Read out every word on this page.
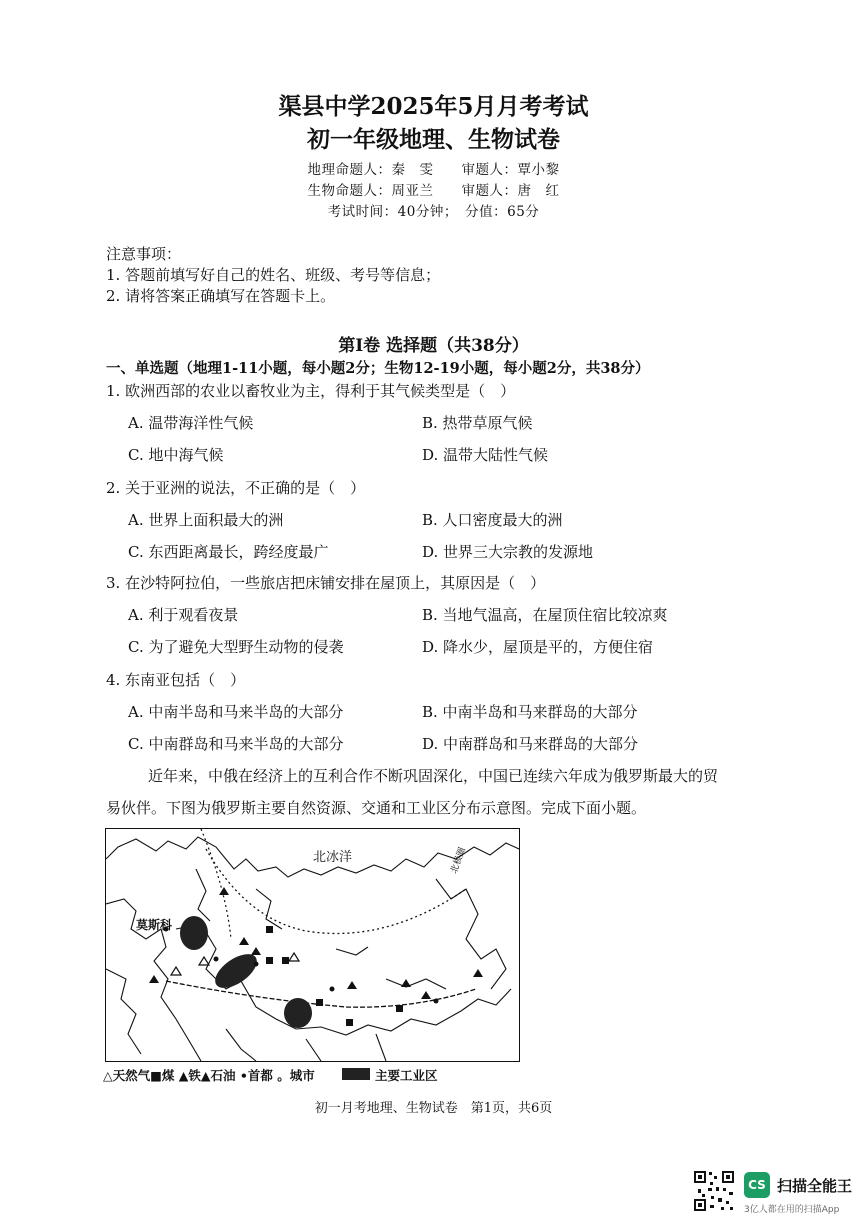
渠县中学2025年5月月考考试
初一年级地理、生物试卷
地理命题人：秦　雯　　审题人：覃小黎
生物命题人：周亚兰　　审题人：唐　红
考试时间：40分钟；　分值：65分
注意事项：
1. 答题前填写好自己的姓名、班级、考号等信息；
2. 请将答案正确填写在答题卡上。
第Ⅰ卷 选择题（共38分）
一、单选题（地理1-11小题，每小题2分；生物12-19小题，每小题2分，共38分）
1. 欧洲西部的农业以畜牧业为主，得利于其气候类型是（　）
A. 温带海洋性气候	B. 热带草原气候
C. 地中海气候	D. 温带大陆性气候
2. 关于亚洲的说法，不正确的是（　）
A. 世界上面积最大的洲	B. 人口密度最大的洲
C. 东西距离最长，跨经度最广	D. 世界三大宗教的发源地
3. 在沙特阿拉伯，一些旅店把床铺安排在屋顶上，其原因是（　）
A. 利于观看夜景	B. 当地气温高，在屋顶住宿比较凉爽
C. 为了避免大型野生动物的侵袭	D. 降水少，屋顶是平的，方便住宿
4. 东南亚包括（　）
A. 中南半岛和马来半岛的大部分	B. 中南半岛和马来群岛的大部分
C. 中南群岛和马来半岛的大部分	D. 中南群岛和马来群岛的大部分
近年来，中俄在经济上的互利合作不断巩固深化，中国已连续六年成为俄罗斯最大的贸
易伙伴。下图为俄罗斯主要自然资源、交通和工业区分布示意图。完成下面小题。
北冰洋
莫斯科
北极圈
△天然气■煤 ▲铁▲石油 •首都 。城市	主要工业区
初一月考地理、生物试卷　第1页，共6页
CS 扫描全能王
3亿人都在用的扫描App
